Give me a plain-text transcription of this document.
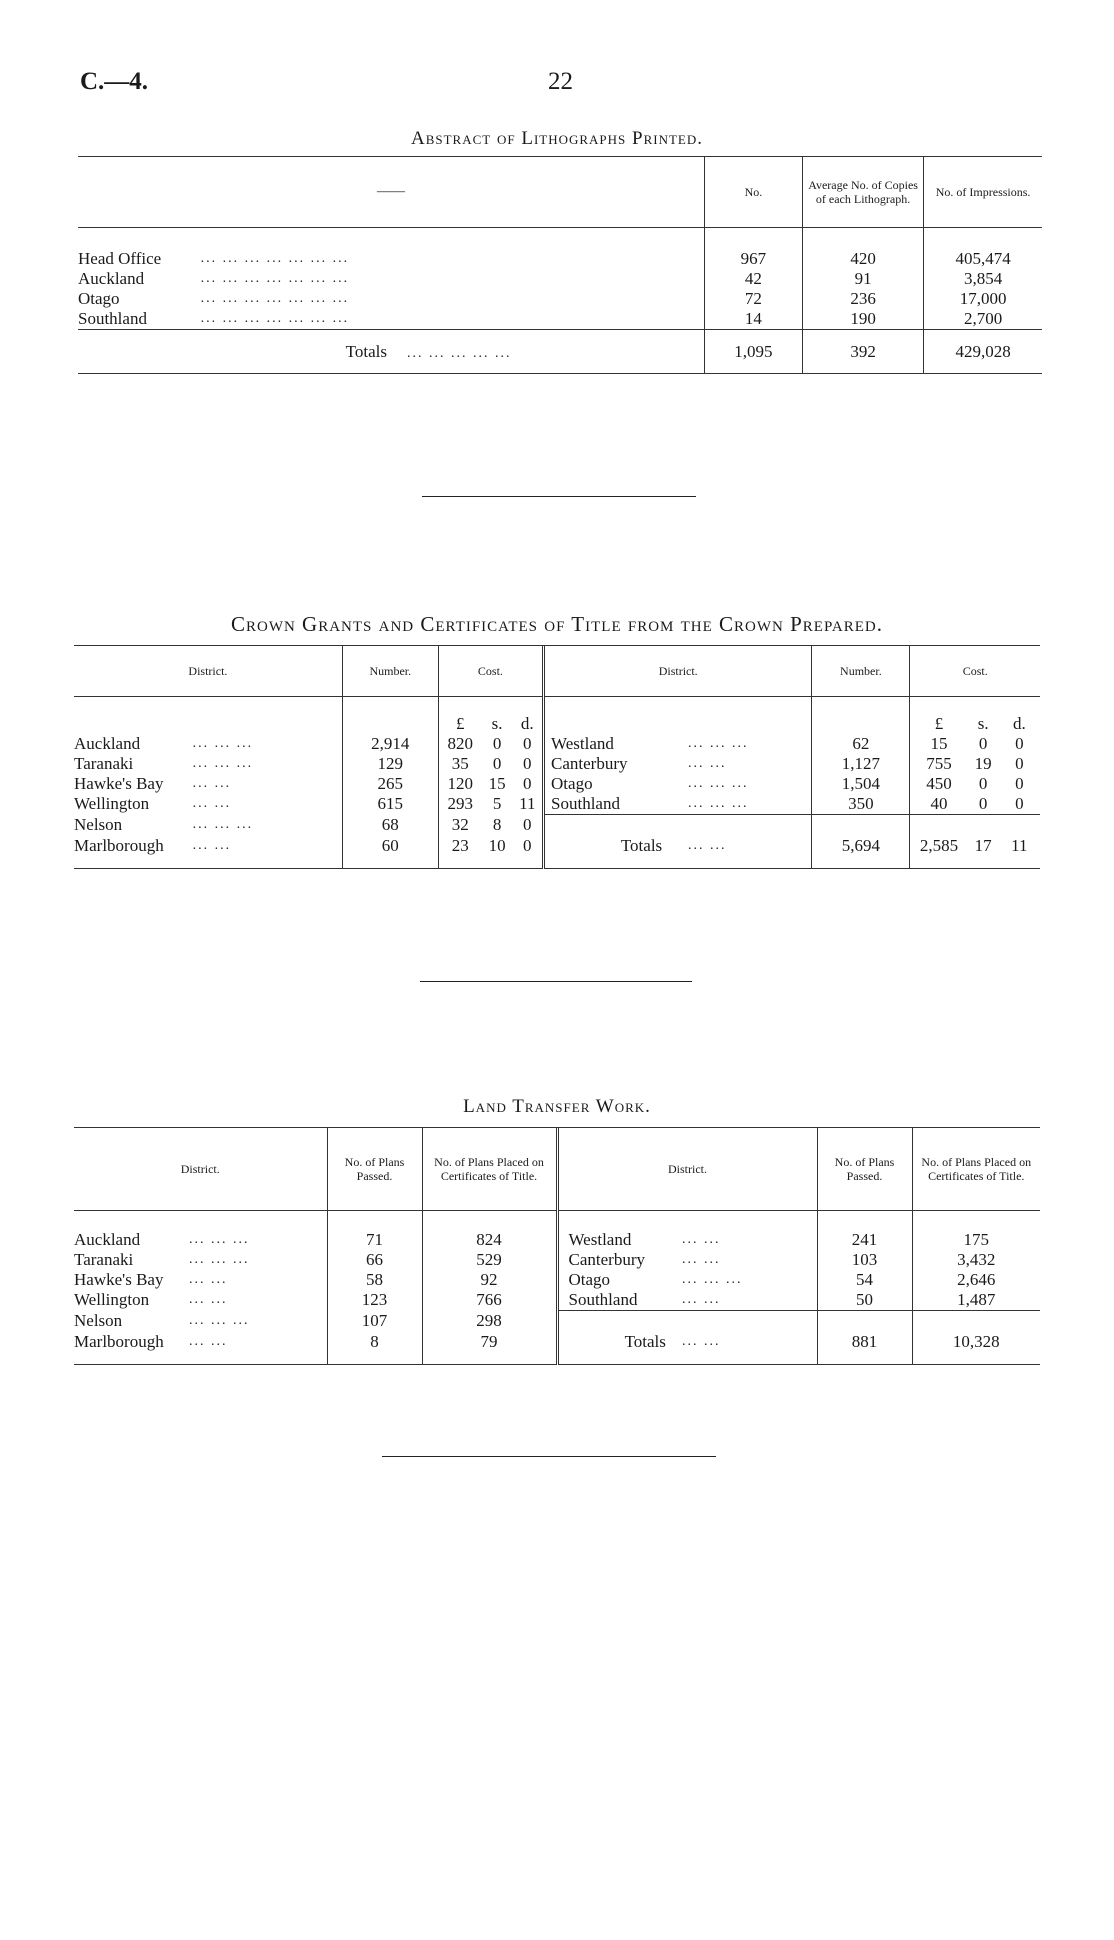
C.—4.	22
Abstract of Lithographs Printed.
——		No.	Average No. of Copies of each Lithograph.	No. of Impressions.

Head Office	... ... ... ... ... ... ...	967	420	405,474
Auckland	... ... ... ... ... ... ...	42	91	3,854
Otago	... ... ... ... ... ... ...	72	236	17,000
Southland	... ... ... ... ... ... ...	14	190	2,700
	Totals ... ... ... ... ...	1,095	392	429,028
Crown Grants and Certificates of Title from the Crown Prepared.
District.		Number.	Cost.			District.		Number.	Cost.		
			£	s.	d.				£	s.	d.
Auckland	... ... ...	2,914	820	0	0	Westland	... ... ...	62	15	0	0
Taranaki	... ... ...	129	35	0	0	Canterbury	... ...	1,127	755	19	0
Hawke's Bay	... ...	265	120	15	0	Otago	... ... ...	1,504	450	0	0
Wellington	... ...	615	293	5	11	Southland	... ... ...	350	40	0	0
Nelson	... ... ...	68	32	8	0						
Marlborough	... ...	60	23	10	0	Totals	... ...	5,694	2,585	17	11

Land Transfer Work.
District.		No. of Plans Passed.	No. of Plans Placed on Certificates of Title.	District.		No. of Plans Passed.	No. of Plans Placed on Certificates of Title.

Auckland	... ... ...	71	824	Westland	... ...	241	175
Taranaki	... ... ...	66	529	Canterbury	... ...	103	3,432
Hawke's Bay	... ...	58	92	Otago	... ... ...	54	2,646
Wellington	... ...	123	766	Southland	... ...	50	1,487
Nelson	... ... ...	107	298				
Marlborough	... ...	8	79	Totals	... ...	881	10,328
